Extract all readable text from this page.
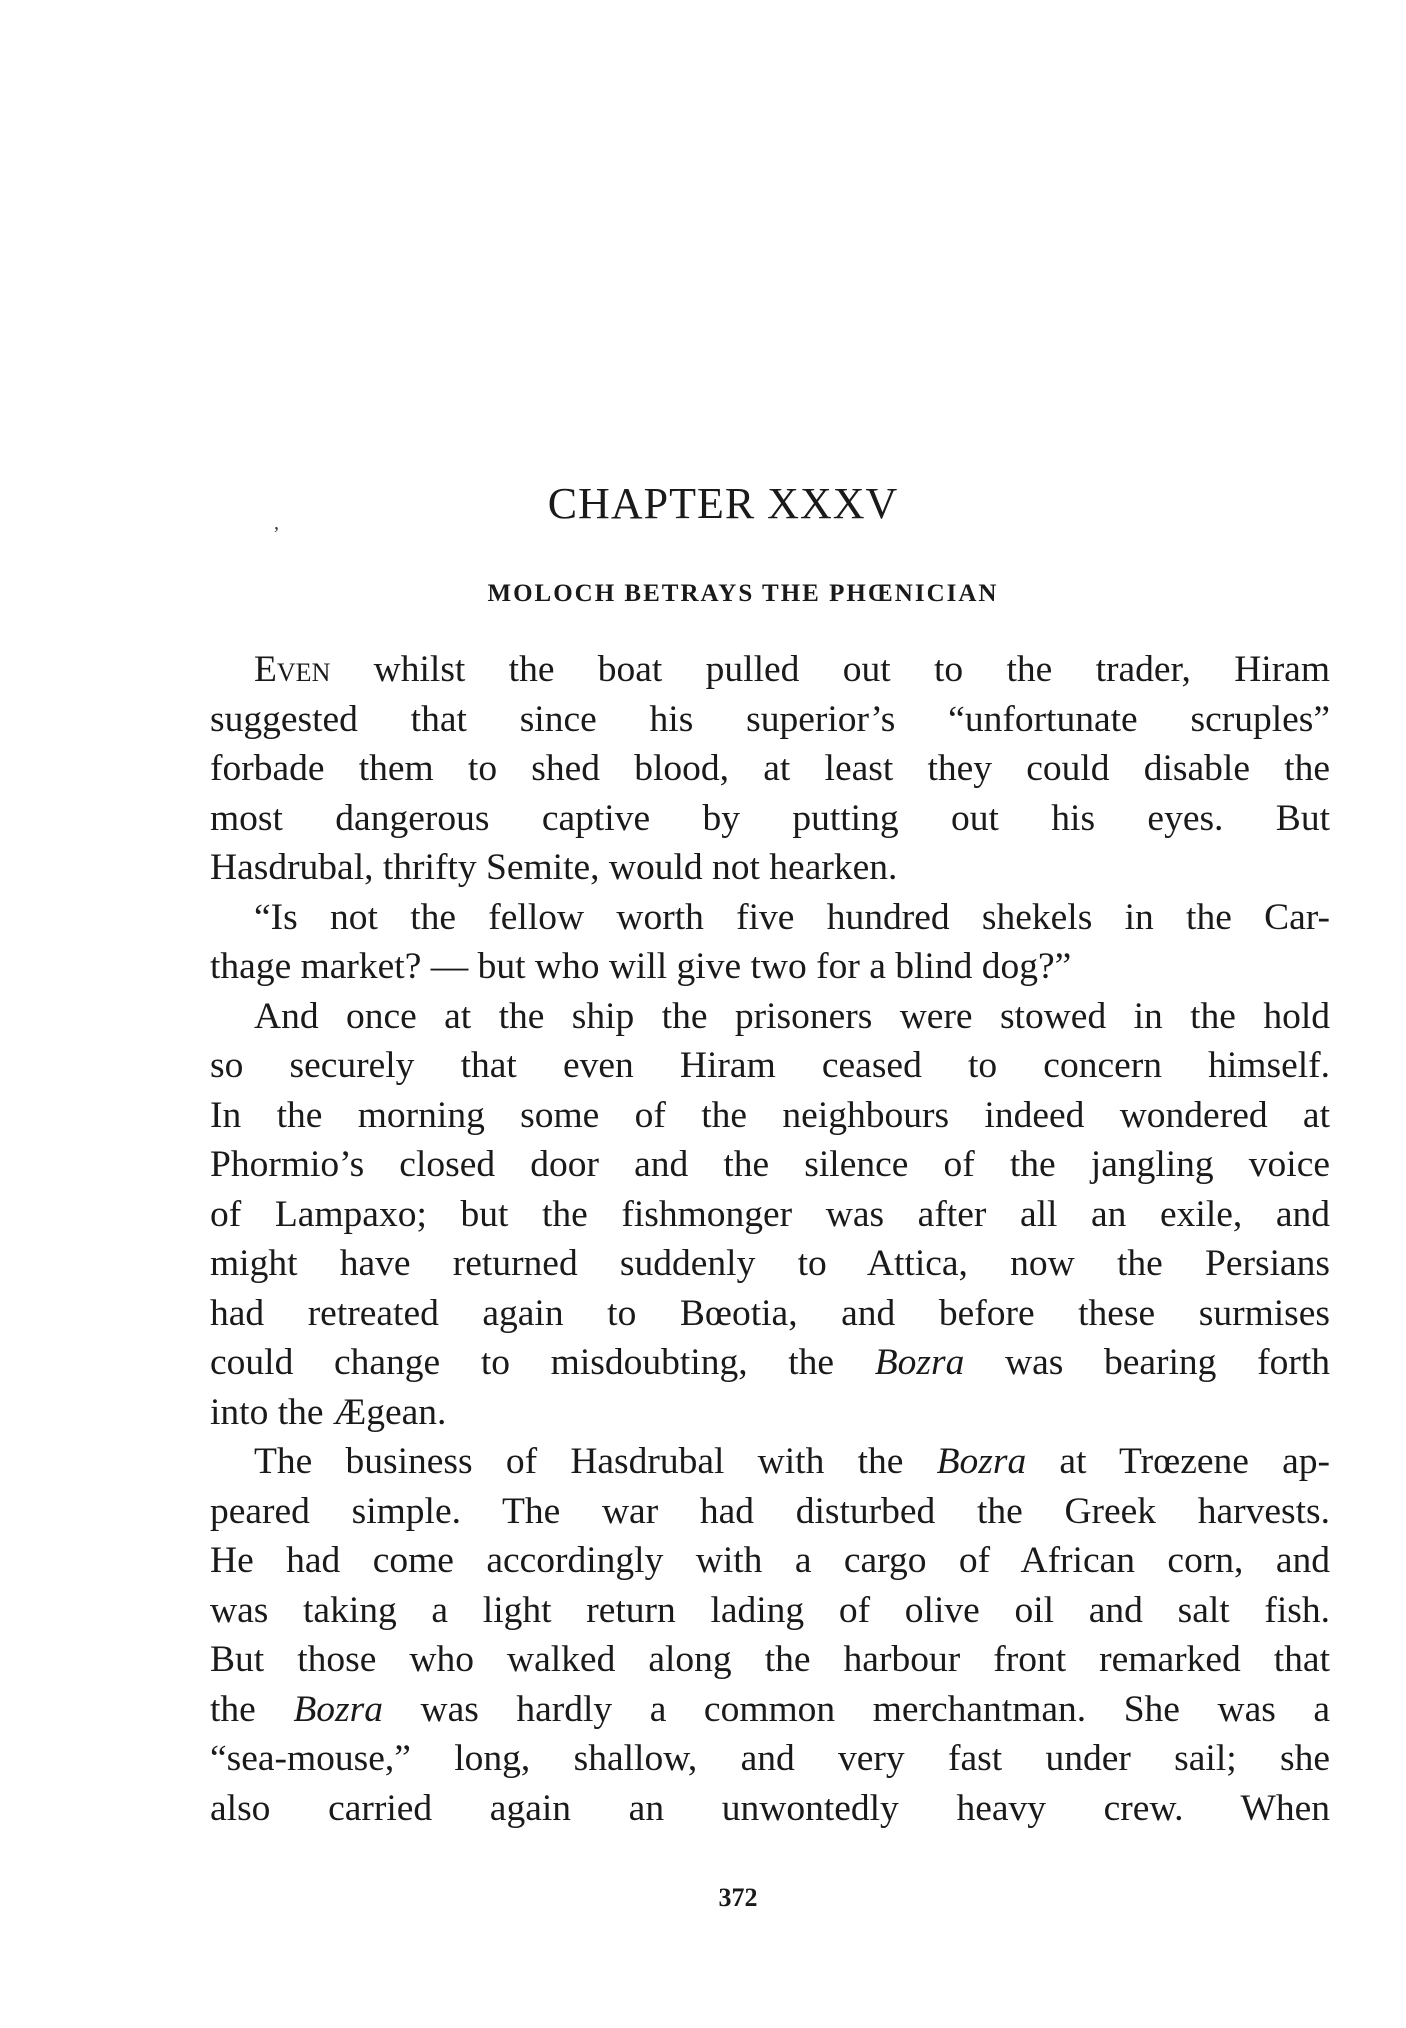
,	CHAPTER XXXV
MOLOCH BETRAYS THE PHŒNICIAN
Even whilst the boat pulled out to the trader, Hiram
suggested that since his superior’s “unfortunate scruples”
forbade them to shed blood, at least they could disable the
most dangerous captive by putting out his eyes. But
Hasdrubal, thrifty Semite, would not hearken.
“Is not the fellow worth five hundred shekels in the Car-
thage market? — but who will give two for a blind dog?”
And once at the ship the prisoners were stowed in the hold
so securely that even Hiram ceased to concern himself.
In the morning some of the neighbours indeed wondered at
Phormio’s closed door and the silence of the jangling voice
of Lampaxo; but the fishmonger was after all an exile, and
might have returned suddenly to Attica, now the Persians
had retreated again to Bœotia, and before these surmises
could change to misdoubting, the Bozra was bearing forth
into the Ægean.
The business of Hasdrubal with the Bozra at Trœzene ap-
peared simple. The war had disturbed the Greek harvests.
He had come accordingly with a cargo of African corn, and
was taking a light return lading of olive oil and salt fish.
But those who walked along the harbour front remarked that
the Bozra was hardly a common merchantman. She was a
“sea-mouse,” long, shallow, and very fast under sail; she
also carried again an unwontedly heavy crew. When
372
